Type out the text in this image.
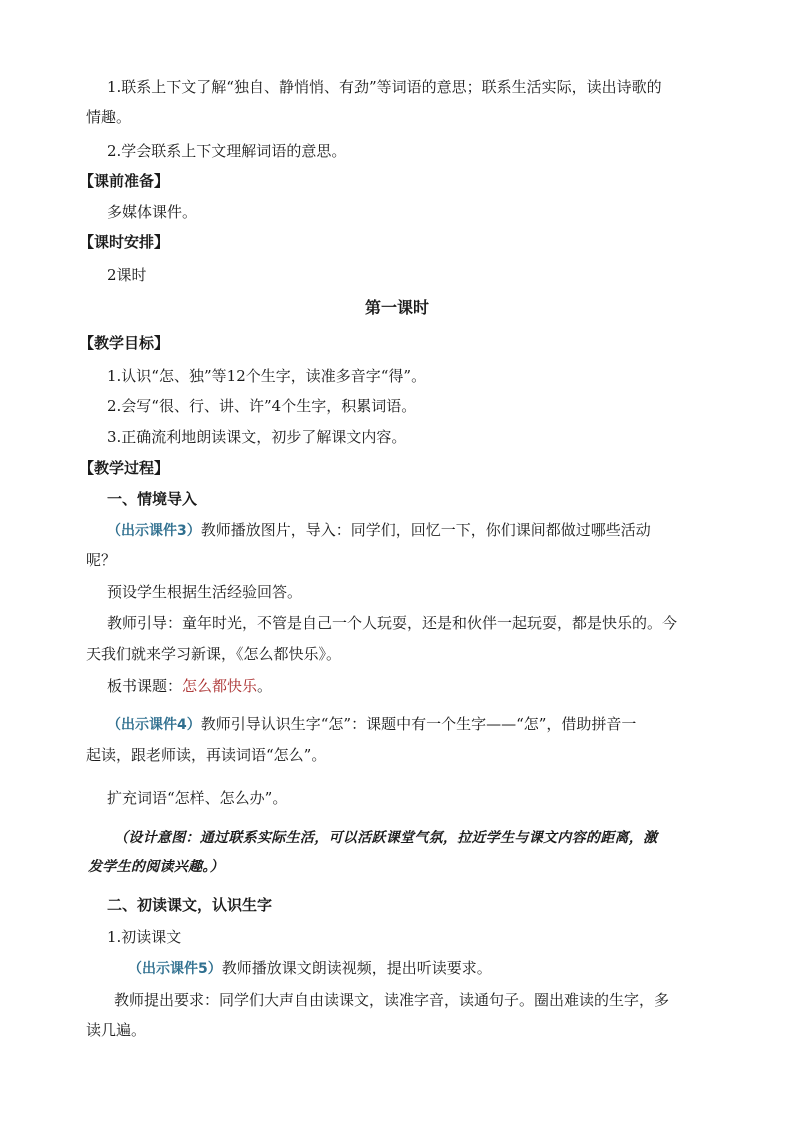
1.联系上下文了解“独自、静悄悄、有劲”等词语的意思；联系生活实际，读出诗歌的
情趣。
2.学会联系上下文理解词语的意思。
【课前准备】
多媒体课件。
【课时安排】
2课时
第一课时
【教学目标】
1.认识“怎、独”等12个生字，读准多音字“得”。
2.会写“很、行、讲、许”4个生字，积累词语。
3.正确流利地朗读课文，初步了解课文内容。
【教学过程】
一、情境导入
（出示课件3）教师播放图片，导入：同学们，回忆一下，你们课间都做过哪些活动
呢？
预设学生根据生活经验回答。
教师引导：童年时光，不管是自己一个人玩耍，还是和伙伴一起玩耍，都是快乐的。今
天我们就来学习新课，《怎么都快乐》。
板书课题：怎么都快乐。
（出示课件4）教师引导认识生字“怎”：课题中有一个生字——“怎”，借助拼音一
起读，跟老师读，再读词语“怎么”。
扩充词语“怎样、怎么办”。
（设计意图：通过联系实际生活，可以活跃课堂气氛，拉近学生与课文内容的距离，激
发学生的阅读兴趣。）
二、初读课文，认识生字
1.初读课文
（出示课件5）教师播放课文朗读视频，提出听读要求。
教师提出要求：同学们大声自由读课文，读准字音，读通句子。圈出难读的生字，多
读几遍。
